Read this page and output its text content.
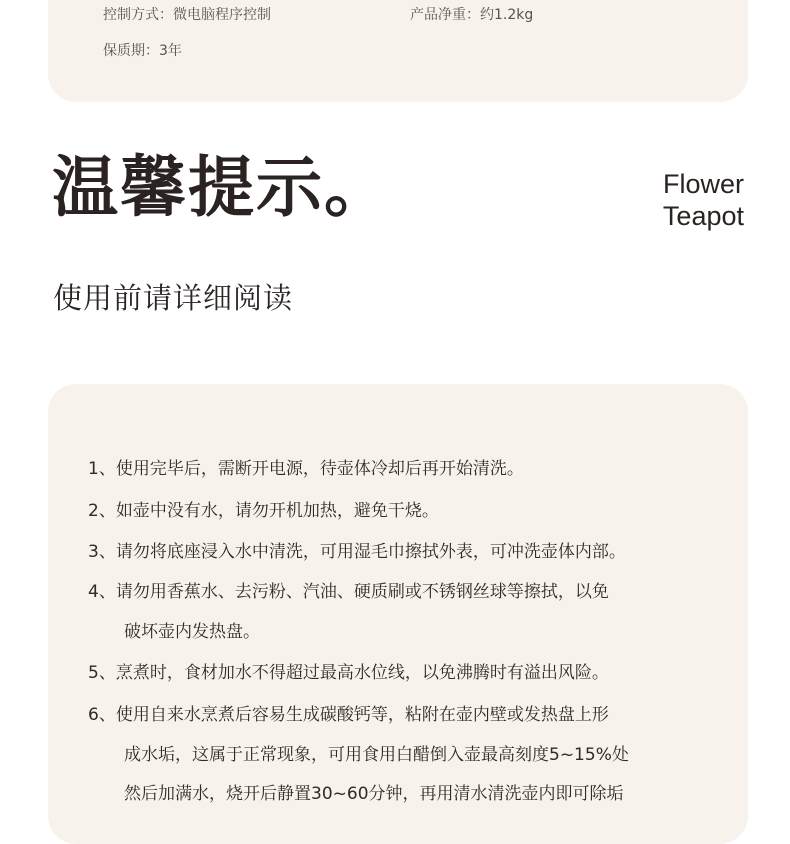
控制方式：微电脑程序控制	产品净重：约1.2kg
保质期：3年
温馨提示。	Flower
Teapot
使用前请详细阅读
1、使用完毕后，需断开电源，待壶体冷却后再开始清洗。
2、如壶中没有水，请勿开机加热，避免干烧。
3、请勿将底座浸入水中清洗，可用湿毛巾擦拭外表，可冲洗壶体内部。
4、请勿用香蕉水、去污粉、汽油、硬质刷或不锈钢丝球等擦拭，以免
破坏壶内发热盘。
5、烹煮时，食材加水不得超过最高水位线，以免沸腾时有溢出风险。
6、使用自来水烹煮后容易生成碳酸钙等，粘附在壶内壁或发热盘上形
成水垢，这属于正常现象，可用食用白醋倒入壶最高刻度5~15%处
然后加满水，烧开后静置30~60分钟，再用清水清洗壶内即可除垢
